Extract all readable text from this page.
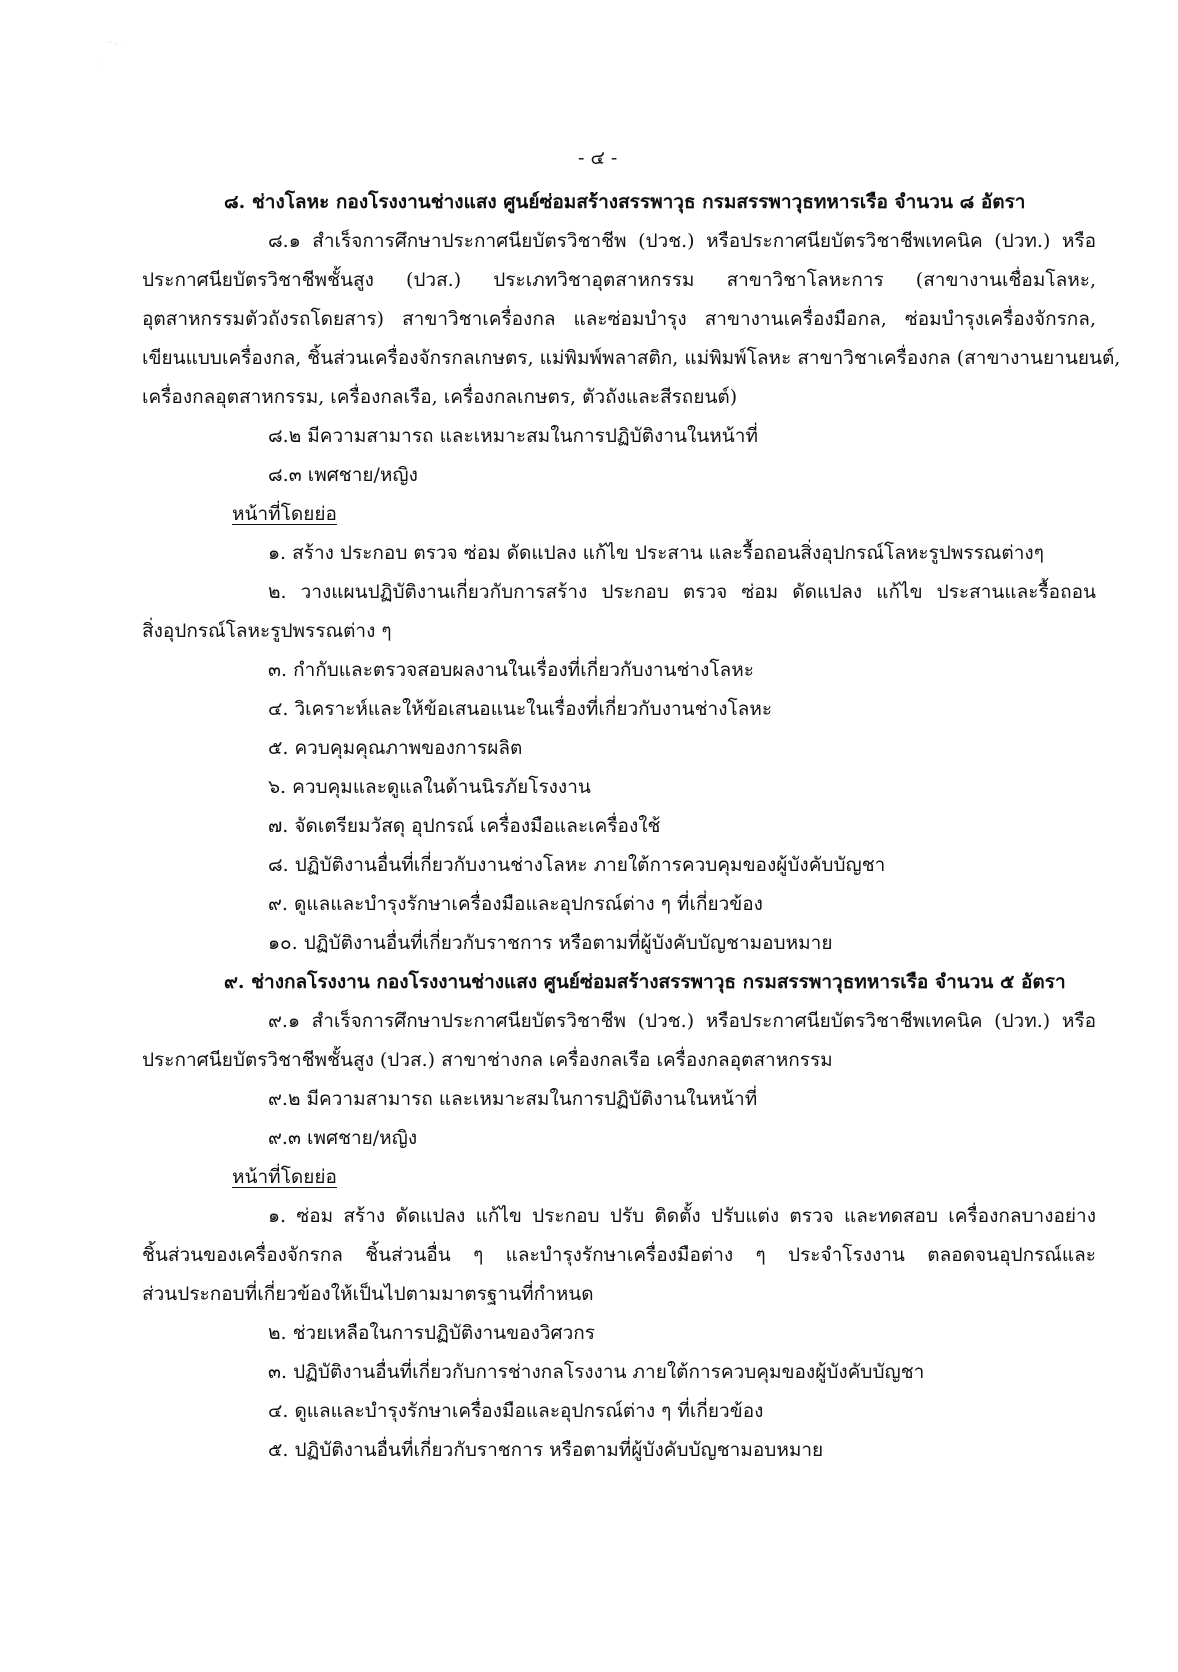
- ๔ -
๘. ช่างโลหะ กองโรงงานช่างแสง ศูนย์ซ่อมสร้างสรรพาวุธ กรมสรรพาวุธทหารเรือ จำนวน ๘ อัตรา
๘.๑ สำเร็จการศึกษาประกาศนียบัตรวิชาชีพ (ปวช.) หรือประกาศนียบัตรวิชาชีพเทคนิค (ปวท.) หรือ
ประกาศนียบัตรวิชาชีพชั้นสูง (ปวส.) ประเภทวิชาอุตสาหกรรม สาขาวิชาโลหะการ (สาขางานเชื่อมโลหะ,
อุตสาหกรรมตัวถังรถโดยสาร) สาขาวิชาเครื่องกล และซ่อมบำรุง สาขางานเครื่องมือกล, ซ่อมบำรุงเครื่องจักรกล,
เขียนแบบเครื่องกล, ชิ้นส่วนเครื่องจักรกลเกษตร, แม่พิมพ์พลาสติก, แม่พิมพ์โลหะ สาขาวิชาเครื่องกล (สาขางานยานยนต์,
เครื่องกลอุตสาหกรรม, เครื่องกลเรือ, เครื่องกลเกษตร, ตัวถังและสีรถยนต์)
๘.๒ มีความสามารถ และเหมาะสมในการปฏิบัติงานในหน้าที่
๘.๓ เพศชาย/หญิง
หน้าที่โดยย่อ
๑. สร้าง ประกอบ ตรวจ ซ่อม ดัดแปลง แก้ไข ประสาน และรื้อถอนสิ่งอุปกรณ์โลหะรูปพรรณต่างๆ
๒. วางแผนปฏิบัติงานเกี่ยวกับการสร้าง ประกอบ ตรวจ ซ่อม ดัดแปลง แก้ไข ประสานและรื้อถอน
สิ่งอุปกรณ์โลหะรูปพรรณต่าง ๆ
๓. กำกับและตรวจสอบผลงานในเรื่องที่เกี่ยวกับงานช่างโลหะ
๔. วิเคราะห์และให้ข้อเสนอแนะในเรื่องที่เกี่ยวกับงานช่างโลหะ
๕. ควบคุมคุณภาพของการผลิต
๖. ควบคุมและดูแลในด้านนิรภัยโรงงาน
๗. จัดเตรียมวัสดุ อุปกรณ์ เครื่องมือและเครื่องใช้
๘. ปฏิบัติงานอื่นที่เกี่ยวกับงานช่างโลหะ ภายใต้การควบคุมของผู้บังคับบัญชา
๙. ดูแลและบำรุงรักษาเครื่องมือและอุปกรณ์ต่าง ๆ ที่เกี่ยวข้อง
๑๐. ปฏิบัติงานอื่นที่เกี่ยวกับราชการ หรือตามที่ผู้บังคับบัญชามอบหมาย
๙. ช่างกลโรงงาน กองโรงงานช่างแสง ศูนย์ซ่อมสร้างสรรพาวุธ กรมสรรพาวุธทหารเรือ จำนวน ๕ อัตรา
๙.๑ สำเร็จการศึกษาประกาศนียบัตรวิชาชีพ (ปวช.) หรือประกาศนียบัตรวิชาชีพเทคนิค (ปวท.) หรือ
ประกาศนียบัตรวิชาชีพชั้นสูง (ปวส.) สาขาช่างกล เครื่องกลเรือ เครื่องกลอุตสาหกรรม
๙.๒ มีความสามารถ และเหมาะสมในการปฏิบัติงานในหน้าที่
๙.๓ เพศชาย/หญิง
หน้าที่โดยย่อ
๑. ซ่อม สร้าง ดัดแปลง แก้ไข ประกอบ ปรับ ติดตั้ง ปรับแต่ง ตรวจ และทดสอบ เครื่องกลบางอย่าง
ชิ้นส่วนของเครื่องจักรกล ชิ้นส่วนอื่น ๆ และบำรุงรักษาเครื่องมือต่าง ๆ ประจำโรงงาน ตลอดจนอุปกรณ์และ
ส่วนประกอบที่เกี่ยวข้องให้เป็นไปตามมาตรฐานที่กำหนด
๒. ช่วยเหลือในการปฏิบัติงานของวิศวกร
๓. ปฏิบัติงานอื่นที่เกี่ยวกับการช่างกลโรงงาน ภายใต้การควบคุมของผู้บังคับบัญชา
๔. ดูแลและบำรุงรักษาเครื่องมือและอุปกรณ์ต่าง ๆ ที่เกี่ยวข้อง
๕. ปฏิบัติงานอื่นที่เกี่ยวกับราชการ หรือตามที่ผู้บังคับบัญชามอบหมาย
